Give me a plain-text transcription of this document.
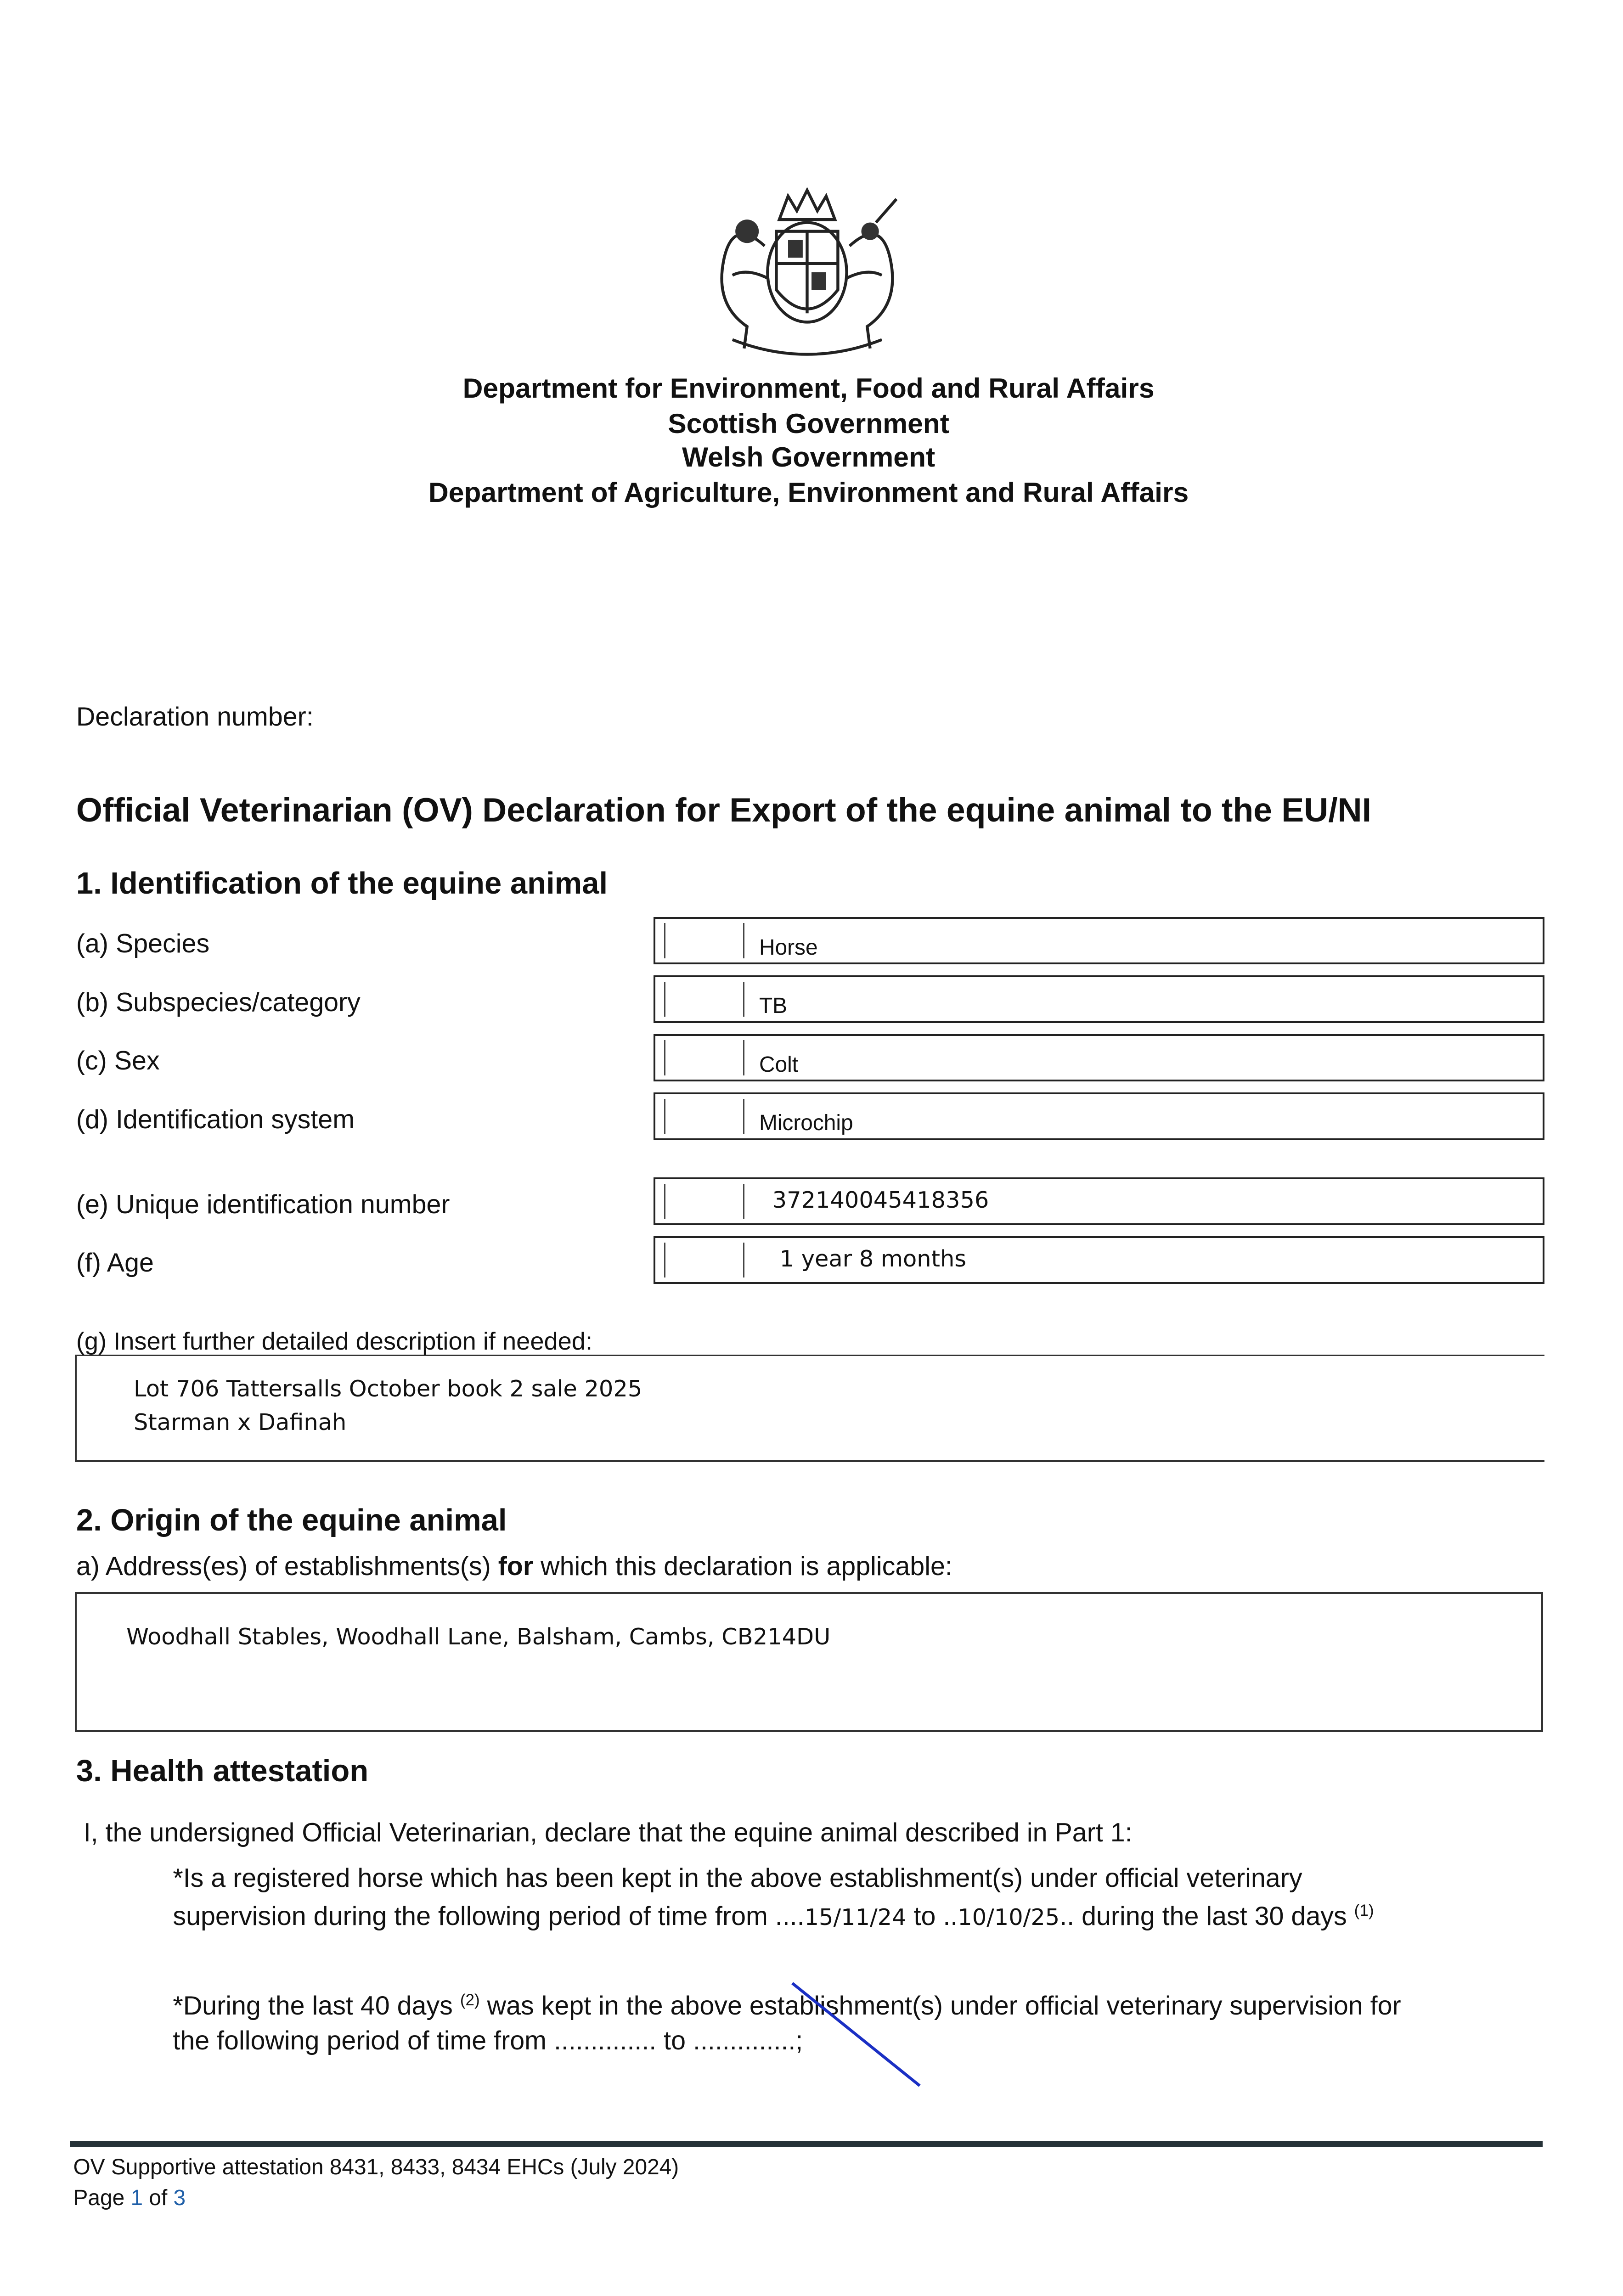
Department for Environment, Food and Rural Affairs
Scottish Government
Welsh Government
Department of Agriculture, Environment and Rural Affairs
Declaration number:
Official Veterinarian (OV) Declaration for Export of the equine animal to the EU/NI
1. Identification of the equine animal
(a) Species	Horse
(b) Subspecies/category	TB
(c) Sex	Colt
(d) Identification system	Microchip
(e) Unique identification number	372140045418356
(f) Age	1 year 8 months
(g) Insert further detailed description if needed:
Lot 706 Tattersalls October book 2 sale 2025
Starman x Dafinah
2. Origin of the equine animal
a) Address(es) of establishments(s) for which this declaration is applicable:
Woodhall Stables, Woodhall Lane, Balsham, Cambs, CB214DU
3. Health attestation
I, the undersigned Official Veterinarian, declare that the equine animal described in Part 1:
*Is a registered horse which has been kept in the above establishment(s) under official veterinary
supervision during the following period of time from ....15/11/24 to ..10/10/25.. during the last 30 days $^{(1)}$
*During the last 40 days $^{(2)}$ was kept in the above establishment(s) under official veterinary supervision for
the following period of time from .............. to ..............;
OV Supportive attestation 8431, 8433, 8434 EHCs (July 2024)
Page 1 of 3
